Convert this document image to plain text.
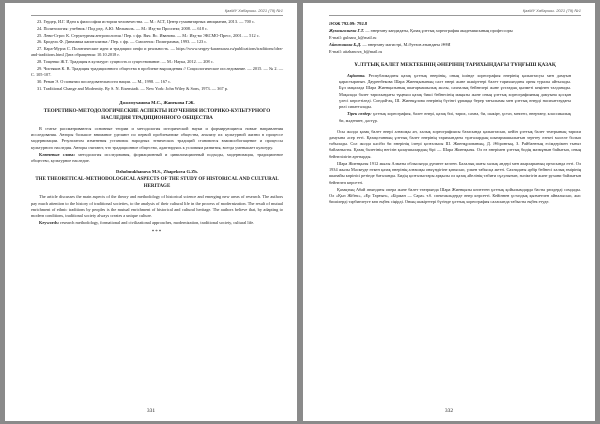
ҚазМУ Хабаршы. 2021 (79) №1

23. Гердер, И.Г. Идеи к философии истории человечества. — М.: АСТ, Центр гуманитарных инициатив, 2013. — 700 с.

24. Политология: учебник / Под ред. А.Ю. Мельвиль. — М.: Изд-во Проспект, 2008. — 618 с.

25. Леви-Строс К. Структурная антропология / Пер. с фр. Вяч. Вс. Иванова. — М.: Изд-во ЭКСМО-Пресс, 2001. — 512 с.

26. Бродель Ф. Динамика капитализма / Пер. с фр. — Смоленск: Полиграмма, 1993. — 123 с.

27. Кара-Мурза С. Политические идеи и традиции: инфо и реальность. — https://www.sergey-karamurza.ru/publications/traditions/idea-and-traditions.html Дата обращения: 10.10.2018 г.

28. Тощенко Ж.Т. Традиция в культуре: сущность и существование. — М.: Наука, 2012. — 208 с.

29. Чистяков К. В. Традиция традиционного общества в проблеме вырождения // Социологическое исследование. — 2015. — № 2. — С. 105-107.

30. Ренан Э. О понятии последовательности нации. — М., 1998. — 167 с.

31. Traditional Change and Modernity. By S. N. Eisenstadt. — New York: John Wiley & Sons, 1973. — 367 р.

Джолмуханова М.С., Жапекова Г.Ж.
ТЕОРЕТИКО-МЕТОДОЛОГИЧЕСКИЕ АСПЕКТЫ ИЗУЧЕНИЯ ИСТОРИКО-КУЛЬТУРНОГО НАСЛЕДИЯ ТРАДИЦИОННОГО ОБЩЕСТВА

В статье рассматриваются основные теории и методология исторической науки и формирующиеся новые направления исследования. Авторы большое внимание уделяют по первой проблематике общества, анализу их культурной жизни в процессе модернизации. Результатом изменения установок народных этнических традиций становится взаимообогащение и процессы культурного наследия. Авторы считают, что традиционное общество, адаптируясь к условиям развития, всегда уменьшает культуру.

Ключевые слова: методология исследования, формационный и цивилизационный подходы, модернизация, традиционное общество, культурное наследие.

Dzholmukhanova M.S., Zhapekova G.Zh.
THE THEORETICAL-METHODOLOGICAL ASPECTS OF THE STUDY OF HISTORICAL AND CULTURAL HERITAGE

The article discusses the main aspects of the theory and methodology of historical science and emerging new areas of research. The authors pay much attention to the history of traditional societies, to the analysis of their cultural life in the process of modernization. The result of mutual enrichment of ethnic traditions by peoples is the mutual enrichment of historical and cultural heritage. The authors believe that, by adapting to modern conditions, traditional society always creates a unique culture.

Keywords: research methodology, formational and civilizational approaches, modernization, traditional society, cultural life.

***
331
ҚазМУ Хабаршы. 2021 (79) №1
ӘОЖ 792.09: 792.8
Жумангалиева Г.Т. — өнертану кандидаты, Қазақ ұлттық хореография академиясының профессоры
E-mail: gulnara_k@mail.ru
Айтжанова Б.Д. — өнертану магистрі, М.Әуезов атындағы ӘӨИ
E-mail: aitzhanova_b@mail.ru
Ұ.ЛТТЫҚ БАЛЕТ МЕКТЕБІНІҢ ӘНЕРІНІҢ ТАРИХЫНДАҒЫ ТҰҢҒЫШ ҚАЗАҚ

Аңдатпа. Республикадағы қазақ ұлттық өнерінің, оның ішінде хореография өнерінің қалыптасуы мен дамуын қарастыратын. Дауренбекова Шара Жиенқызының салт өнері және шәкірттері балет тарихындағы орны туралы айтылады. Бұл мақалада Шара Жиенқызының шығармашылық жолы, сахналық бейнелері және ұстаздық қызметі кеңінен талданады. Мақалада балет тарихындағы тұңғыш қазақ биші бейнесінің маңызы және оның ұлттық хореографияның дамуына қосқан үлесі көрсетіледі. Сондай-ақ, Ш. Жиенқұлова өнерінің бүгінгі ұрпаққа берер тағылымы мен ұлттық өнерді насихаттаудағы рөлі сипатталады.

Тірек сөздер: ұлттық хореография, балет өнері, қазақ биі, тарих, сахна, би, шәкірт, ұстаз, мектеп, өнертану, классикалық би, мәдениет, дәстүр.

Осы жолда қазақ балет өнері алғашқы ән, халық хореографиясы базасында қалыптасып, кейін ұлттық балет театрының тарихи дамуына әсер етті. Қазақстанның ұлттық балет өнерінің тарихындағы тұлғалардың шығармашылығын зерттеу өзекті мәселе болып табылады. Сол жолда кәсіби би өнерінің ілгері қозғалысы Ш. Жиенқұлованың, Д. Әбіровтың, З. Райбаевтың есімдерімен тығыз байланысты. Қазақ балетінің негізін қалаушылардың бірі — Шара Жиенқызы. Ол өз өнерімен ұлттық бидің мазмұнын байытып, оның бейнелілігін арттырды.

Шара Жиенқызы 1912 жылы Алматы облысында дүниеге келген. Балалық шағы халық әндері мен жырларының ортасында өтті. Ол 1934 жылы Мәскеуде өткен қазақ өнерінің алғашқы онкүндігіне қатысып, үлкен табысқа жетті. Сахнадағы әрбір бейнесі халық өмірінің шынайы көрінісі ретінде бағаланды. Бидің қозғалыстары арқылы ол қазақ әйелінің табиғи сұлулығын, нәзіктігін және рухани байлығын бейнелеп көрсетті.

Қазақтың Абай атындағы опера және балет театрында Шара Жиенқызы көптеген ұлттық қойылымдарда басты рөлдерді сомдады. Ол «Қыз Жібек», «Ер Тарғын», «Біржан — Сара» т.б. спектакльдерде өнер көрсетті. Кейіннен ұстаздық қызметпен айналысып, жас бишілерді тәрбиелеуге көп еңбек сіңірді. Оның шәкірттері бүгінде ұлттық хореография саласында табысты еңбек етуде.

332
